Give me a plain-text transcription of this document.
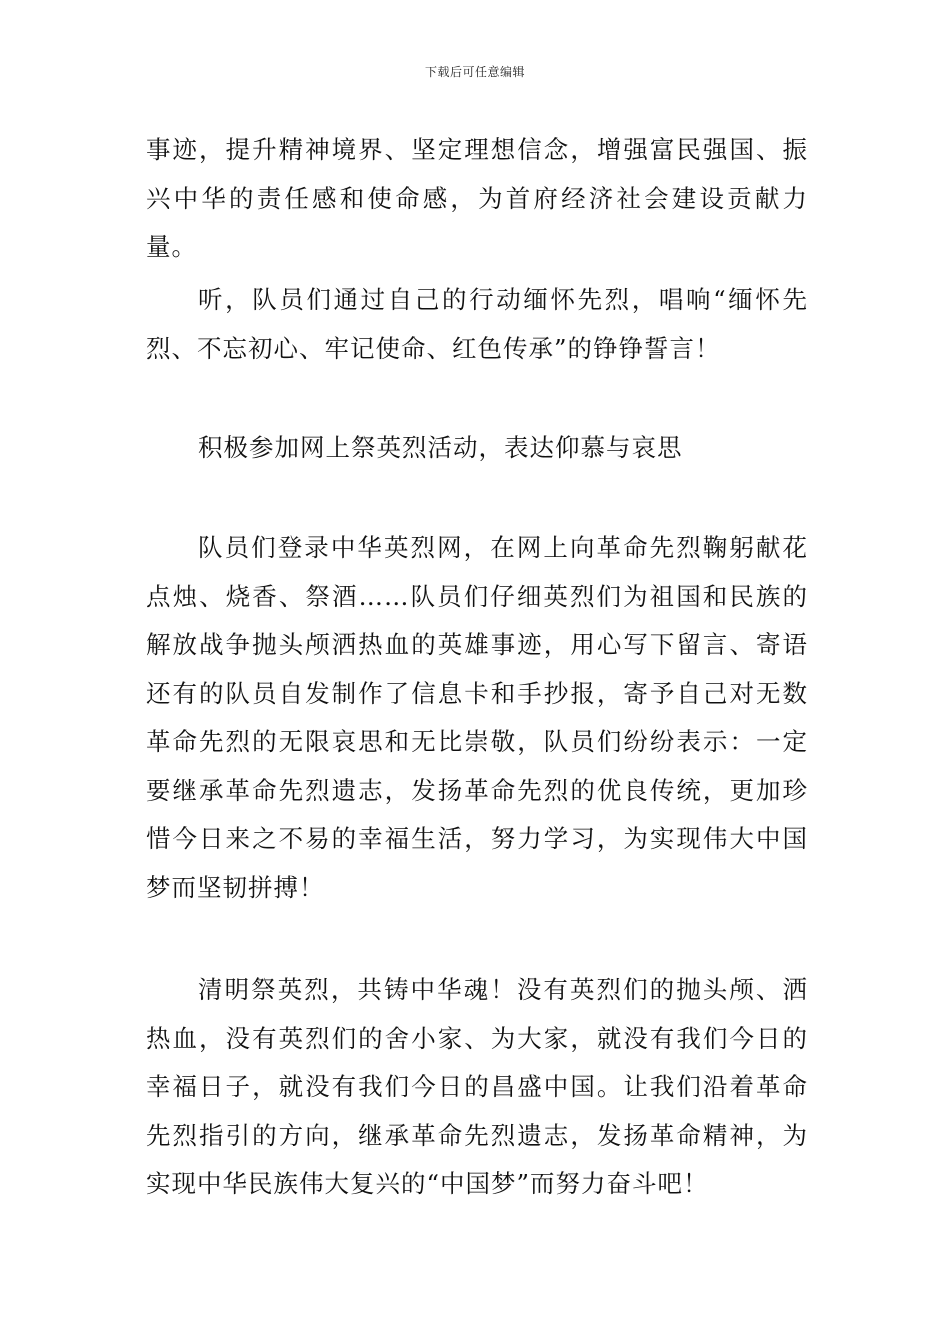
下载后可任意编辑

事迹，提升精神境界、坚定理想信念，增强富民强国、振兴中华的责任感和使命感，为首府经济社会建设贡献力量。

听，队员们通过自己的行动缅怀先烈，唱响“缅怀先烈、不忘初心、牢记使命、红色传承”的铮铮誓言！

积极参加网上祭英烈活动，表达仰慕与哀思

队员们登录中华英烈网，在网上向革命先烈鞠躬献花点烛、烧香、祭酒……队员们仔细英烈们为祖国和民族的解放战争抛头颅洒热血的英雄事迹，用心写下留言、寄语还有的队员自发制作了信息卡和手抄报，寄予自己对无数革命先烈的无限哀思和无比崇敬，队员们纷纷表示：一定要继承革命先烈遗志，发扬革命先烈的优良传统，更加珍惜今日来之不易的幸福生活，努力学习，为实现伟大中国梦而坚韧拼搏！

清明祭英烈，共铸中华魂！没有英烈们的抛头颅、洒热血，没有英烈们的舍小家、为大家，就没有我们今日的幸福日子，就没有我们今日的昌盛中国。让我们沿着革命先烈指引的方向，继承革命先烈遗志，发扬革命精神，为实现中华民族伟大复兴的“中国梦”而努力奋斗吧！
